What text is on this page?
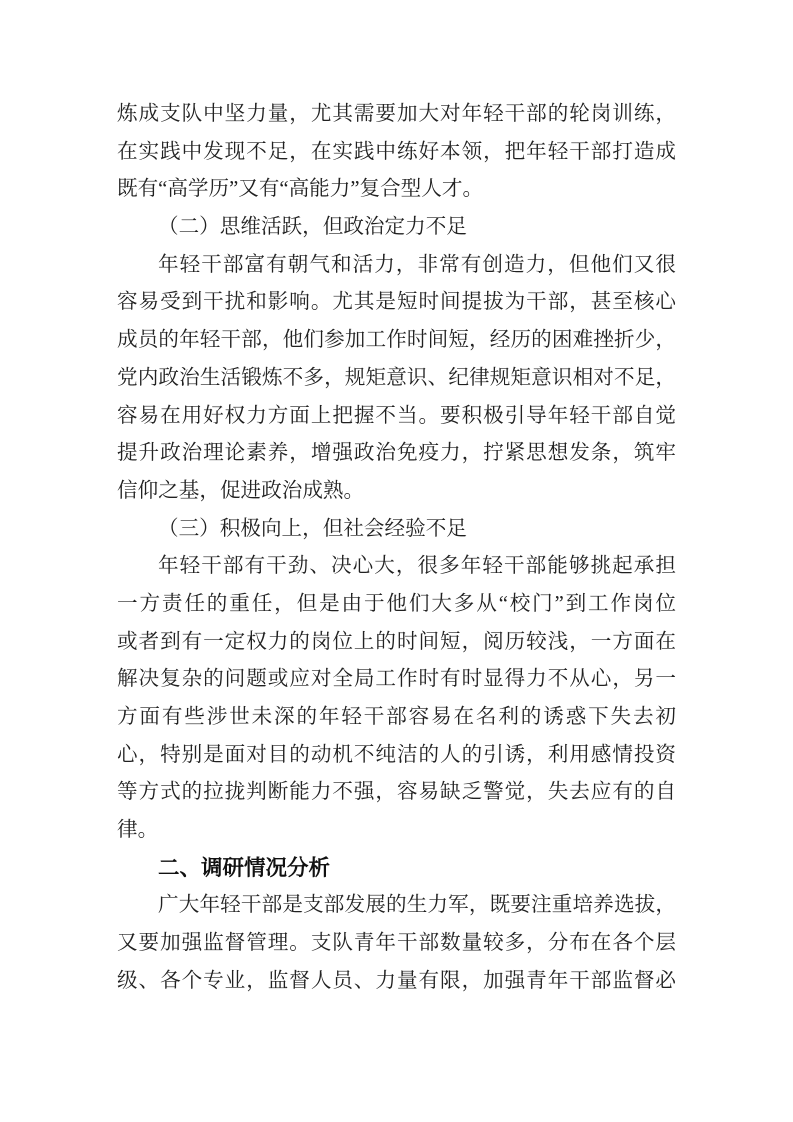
炼成支队中坚力量，尤其需要加大对年轻干部的轮岗训练，
在实践中发现不足，在实践中练好本领，把年轻干部打造成
既有“高学历”又有“高能力”复合型人才。
（二）思维活跃，但政治定力不足
年轻干部富有朝气和活力，非常有创造力，但他们又很
容易受到干扰和影响。尤其是短时间提拔为干部，甚至核心
成员的年轻干部，他们参加工作时间短，经历的困难挫折少，
党内政治生活锻炼不多，规矩意识、纪律规矩意识相对不足，
容易在用好权力方面上把握不当。要积极引导年轻干部自觉
提升政治理论素养，增强政治免疫力，拧紧思想发条，筑牢
信仰之基，促进政治成熟。
（三）积极向上，但社会经验不足
年轻干部有干劲、决心大，很多年轻干部能够挑起承担
一方责任的重任，但是由于他们大多从“校门”到工作岗位
或者到有一定权力的岗位上的时间短，阅历较浅，一方面在
解决复杂的问题或应对全局工作时有时显得力不从心，另一
方面有些涉世未深的年轻干部容易在名利的诱惑下失去初
心，特别是面对目的动机不纯洁的人的引诱，利用感情投资
等方式的拉拢判断能力不强，容易缺乏警觉，失去应有的自
律。
二、调研情况分析
广大年轻干部是支部发展的生力军，既要注重培养选拔，
又要加强监督管理。支队青年干部数量较多，分布在各个层
级、各个专业，监督人员、力量有限，加强青年干部监督必
